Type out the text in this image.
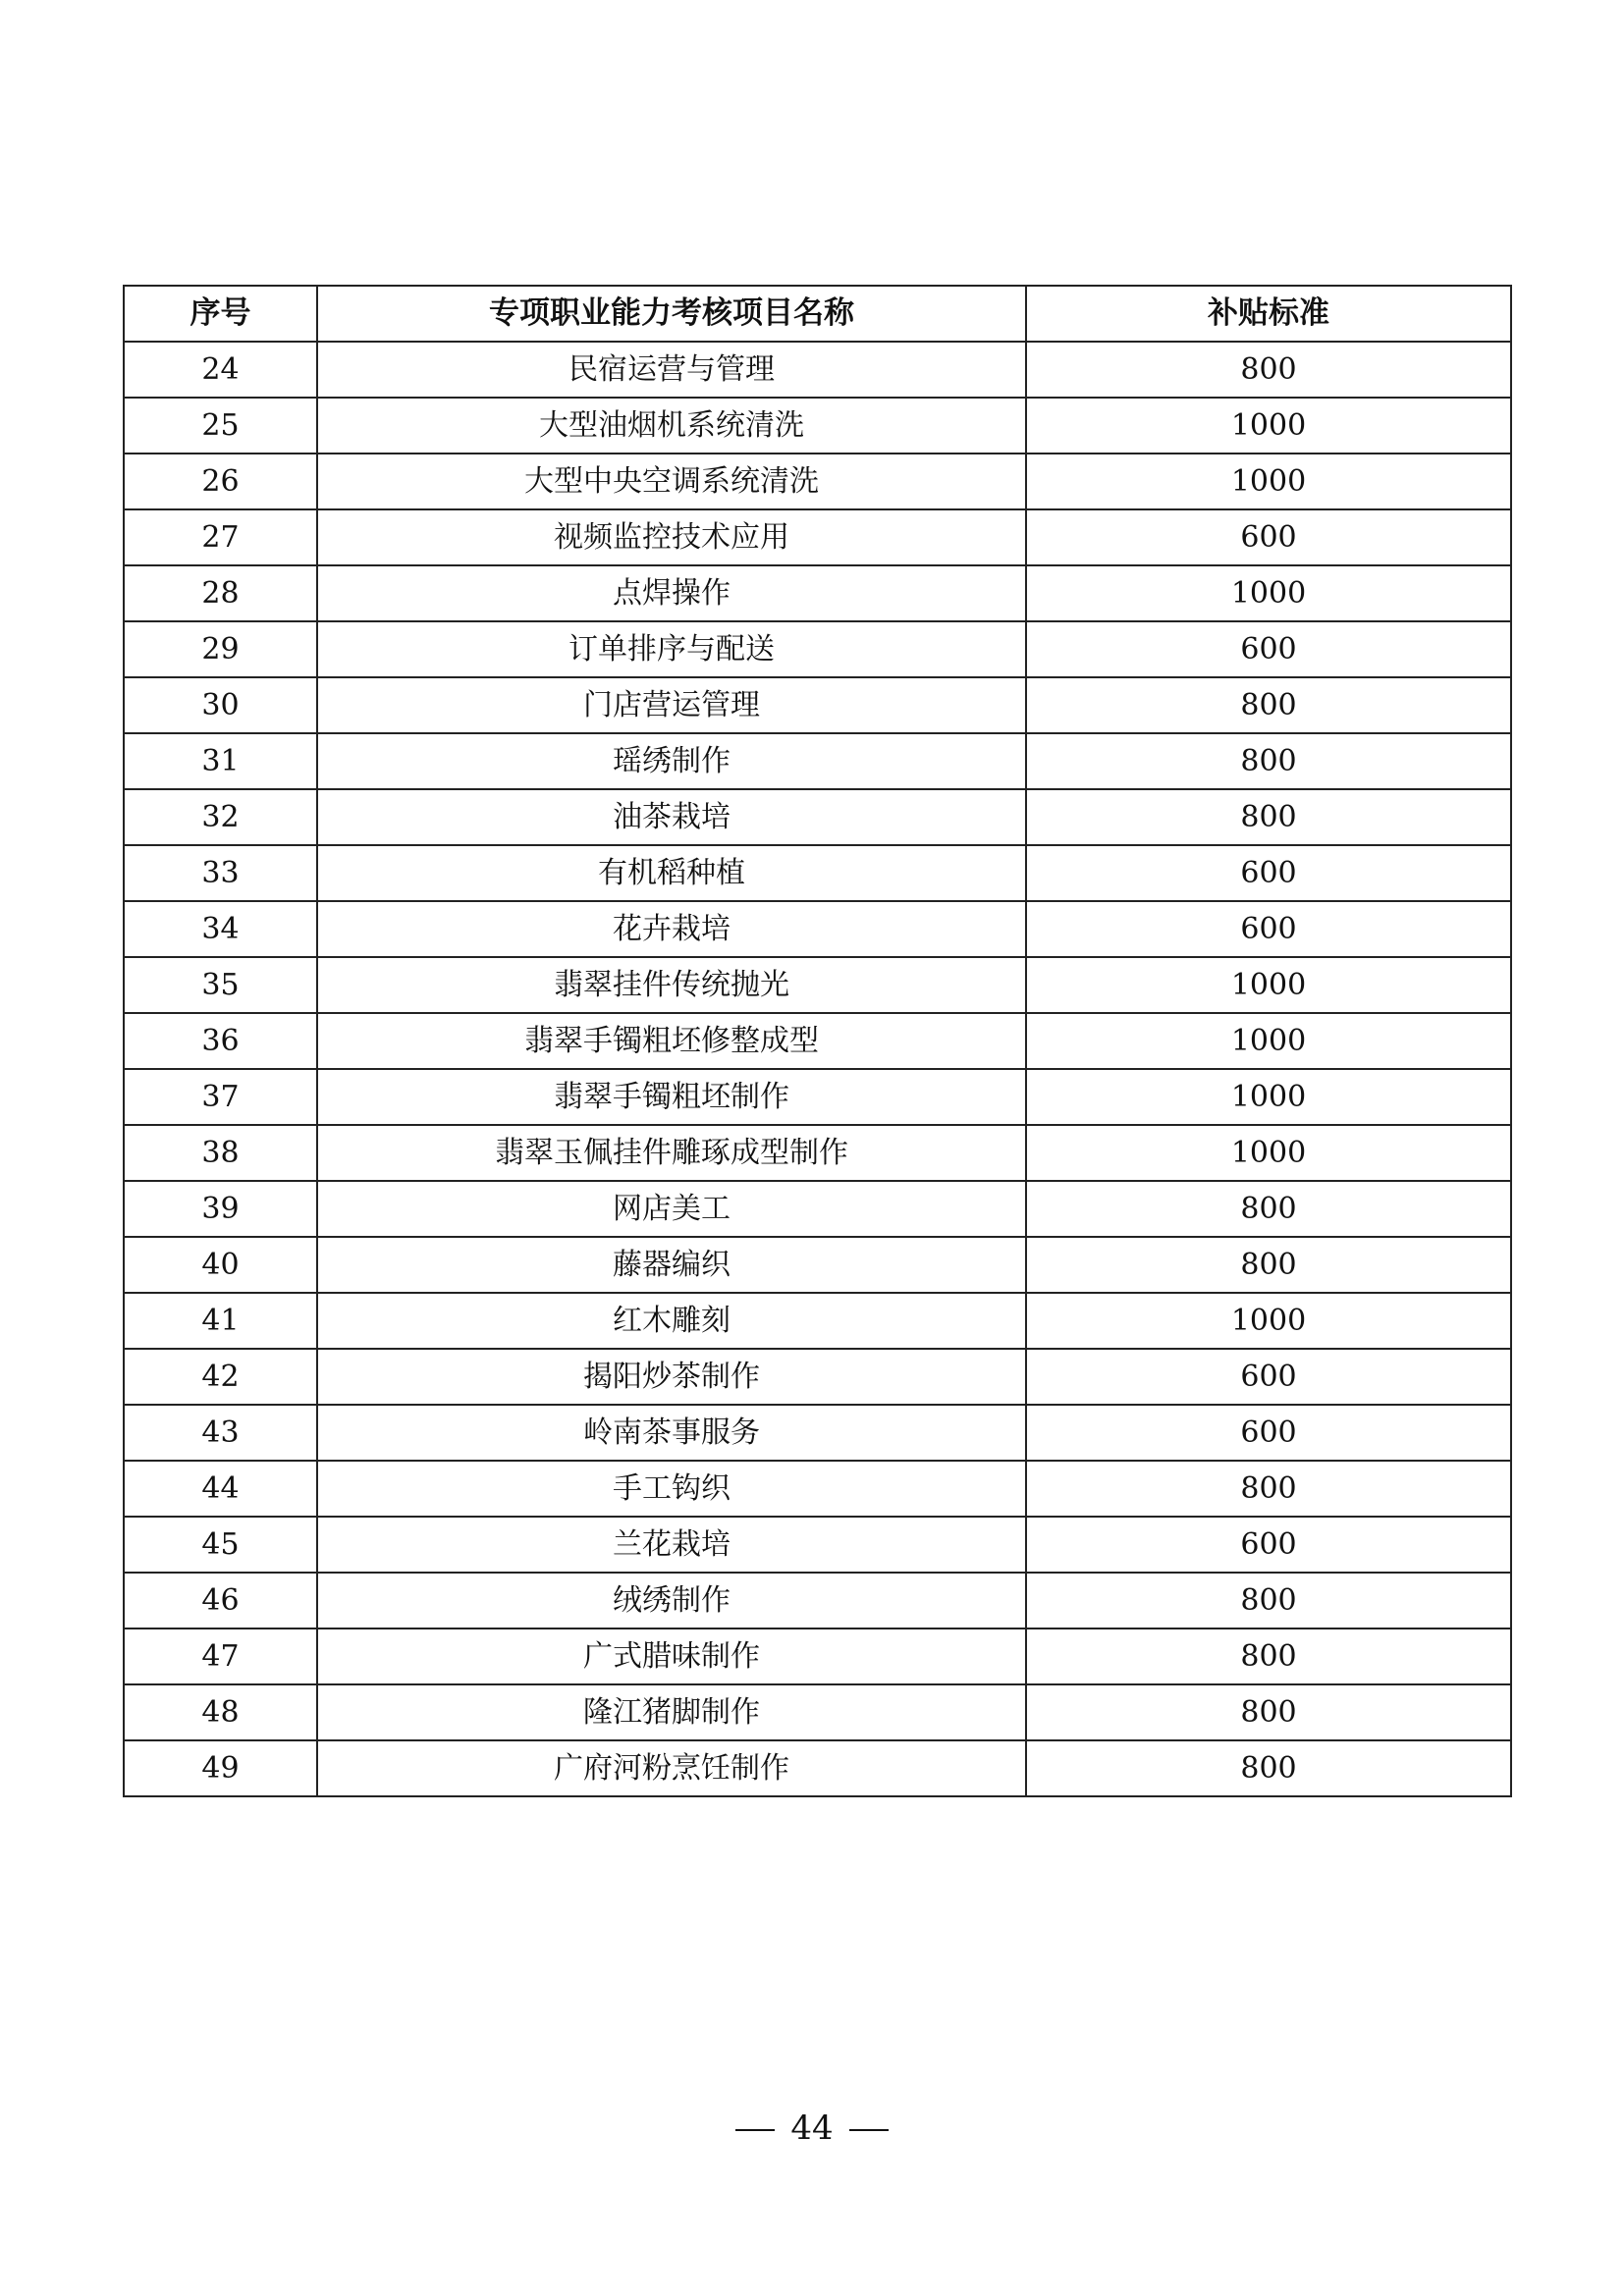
序号	专项职业能力考核项目名称	补贴标准
24	民宿运营与管理	800
25	大型油烟机系统清洗	1000
26	大型中央空调系统清洗	1000
27	视频监控技术应用	600
28	点焊操作	1000
29	订单排序与配送	600
30	门店营运管理	800
31	瑶绣制作	800
32	油茶栽培	800
33	有机稻种植	600
34	花卉栽培	600
35	翡翠挂件传统抛光	1000
36	翡翠手镯粗坯修整成型	1000
37	翡翠手镯粗坯制作	1000
38	翡翠玉佩挂件雕琢成型制作	1000
39	网店美工	800
40	藤器编织	800
41	红木雕刻	1000
42	揭阳炒茶制作	600
43	岭南茶事服务	600
44	手工钩织	800
45	兰花栽培	600
46	绒绣制作	800
47	广式腊味制作	800
48	隆江猪脚制作	800
49	广府河粉烹饪制作	800
44
